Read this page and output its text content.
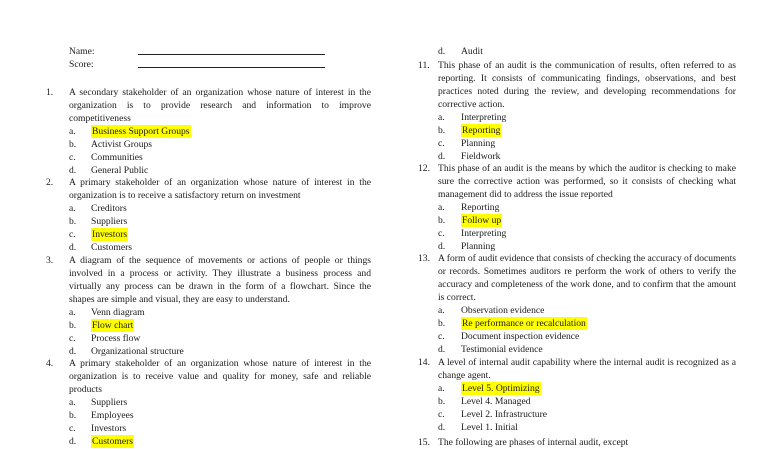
Name:
Score:
1. A secondary stakeholder of an organization whose nature of interest in the organization is to provide research and information to improve competitiveness
a. Business Support Groups
b. Activist Groups
c. Communities
d. General Public
2. A primary stakeholder of an organization whose nature of interest in the organization is to receive a satisfactory return on investment
a. Creditors
b. Suppliers
c. Investors
d. Customers
3. A diagram of the sequence of movements or actions of people or things involved in a process or activity. They illustrate a business process and virtually any process can be drawn in the form of a flowchart. Since the shapes are simple and visual, they are easy to understand.
a. Venn diagram
b. Flow chart
c. Process flow
d. Organizational structure
4. A primary stakeholder of an organization whose nature of interest in the organization is to receive value and quality for money, safe and reliable products
a. Suppliers
b. Employees
c. Investors
d. Customers
d. Audit
11. This phase of an audit is the communication of results, often referred to as reporting. It consists of communicating findings, observations, and best practices noted during the review, and developing recommendations for corrective action.
a. Interpreting
b. Reporting
c. Planning
d. Fieldwork
12. This phase of an audit is the means by which the auditor is checking to make sure the corrective action was performed, so it consists of checking what management did to address the issue reported
a. Reporting
b. Follow up
c. Interpreting
d. Planning
13. A form of audit evidence that consists of checking the accuracy of documents or records. Sometimes auditors re perform the work of others to verify the accuracy and completeness of the work done, and to confirm that the amount is correct.
a. Observation evidence
b. Re performance or recalculation
c. Document inspection evidence
d. Testimonial evidence
14. A level of internal audit capability where the internal audit is recognized as a change agent.
a. Level 5. Optimizing
b. Level 4. Managed
c. Level 2. Infrastructure
d. Level 1. Initial
15. The following are phases of internal audit, except
